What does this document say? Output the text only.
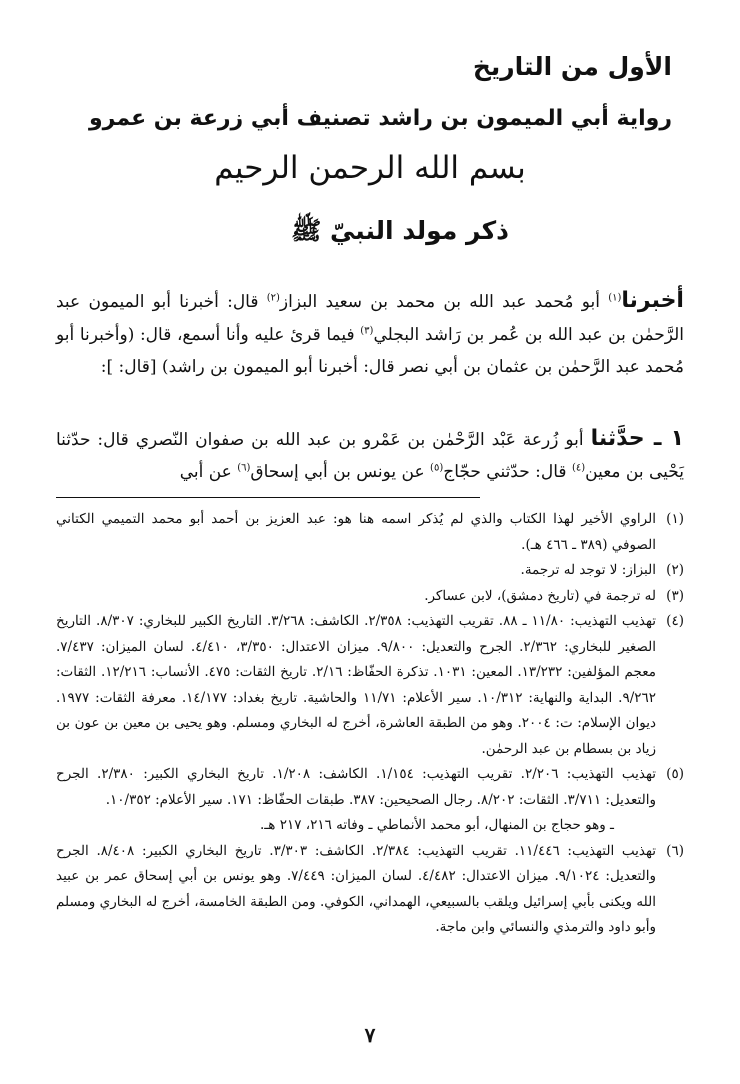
الأول من التاريخ
رواية أبي الميمون بن راشد تصنيف أبي زرعة بن عمرو
بسم الله الرحمن الرحيم
ذكر مولد النبيّ ﷺ

أخبرنا$^{(١)}$ أبو مُحمد عبد الله بن محمد بن سعيد البزاز$^{(٢)}$ قال: أخبرنا أبو الميمون عبد الرَّحمٰن بن عبد الله بن عُمر بن رَاشد البجلي$^{(٣)}$ فيما قرئ عليه وأنا أسمع، قال: (وأخبرنا أبو مُحمد عبد الرَّحمٰن بن عثمان بن أبي نصر قال: أخبرنا أبو الميمون بن راشد) [قال: ]:

١ ـ حدَّثنا أبو زُرعة عَبْد الرَّحْمٰن بن عَمْرو بن عبد الله بن صفوان النّصري قال: حدّثنا يَحْيى بن معين$^{(٤)}$ قال: حدّثني حجّاج$^{(٥)}$ عن يونس بن أبي إسحاق$^{(٦)}$ عن أبي

(١)
الراوي الأخير لهذا الكتاب والذي لم يُذكر اسمه هنا هو: عبد العزيز بن أحمد أبو محمد التميمي الكتاني الصوفي (٣٨٩ ـ ٤٦٦ هـ).
(٢)
البزاز: لا توجد له ترجمة.
(٣)
له ترجمة في (تاريخ دمشق)، لابن عساكر.
(٤)
تهذيب التهذيب: ١١/٨٠ ـ ٨٨. تقريب التهذيب: ٢/٣٥٨. الكاشف: ٣/٢٦٨. التاريخ الكبير للبخاري: ٨/٣٠٧. التاريخ الصغير للبخاري: ٢/٣٦٢. الجرح والتعديل: ٩/٨٠٠. ميزان الاعتدال: ٣/٣٥٠، ٤/٤١٠. لسان الميزان: ٧/٤٣٧. معجم المؤلفين: ١٣/٢٣٢. المعين: ١٠٣١. تذكرة الحفّاظ: ٢/١٦. تاريخ الثقات: ٤٧٥. الأنساب: ١٢/٢١٦. الثقات: ٩/٢٦٢. البداية والنهاية: ١٠/٣١٢. سير الأعلام: ١١/٧١ والحاشية. تاريخ بغداد: ١٤/١٧٧. معرفة الثقات: ١٩٧٧. ديوان الإسلام: ت: ٢٠٠٤. وهو من الطبقة العاشرة، أخرج له البخاري ومسلم. وهو يحيى بن معين بن عون بن زياد بن بسطام بن عبد الرحمٰن.
(٥)
تهذيب التهذيب: ٢/٢٠٦. تقريب التهذيب: ١/١٥٤. الكاشف: ١/٢٠٨. تاريخ البخاري الكبير: ٢/٣٨٠. الجرح والتعديل: ٣/٧١١. الثقات: ٨/٢٠٢. رجال الصحيحين: ٣٨٧. طبقات الحفّاظ: ١٧١. سير الأعلام: ١٠/٣٥٢.
ـ وهو حجاج بن المنهال، أبو محمد الأنماطي ـ وفاته ٢١٦، ٢١٧ هـ.
(٦)
تهذيب التهذيب: ١١/٤٤٦. تقريب التهذيب: ٢/٣٨٤. الكاشف: ٣/٣٠٣. تاريخ البخاري الكبير: ٨/٤٠٨. الجرح والتعديل: ٩/١٠٢٤. ميزان الاعتدال: ٤/٤٨٢. لسان الميزان: ٧/٤٤٩. وهو يونس بن أبي إسحاق عمر بن عبيد الله ويكنى بأبي إسرائيل ويلقب بالسبيعي، الهمداني، الكوفي. ومن الطبقة الخامسة، أخرج له البخاري ومسلم وأبو داود والترمذي والنسائي وابن ماجة.
٧
